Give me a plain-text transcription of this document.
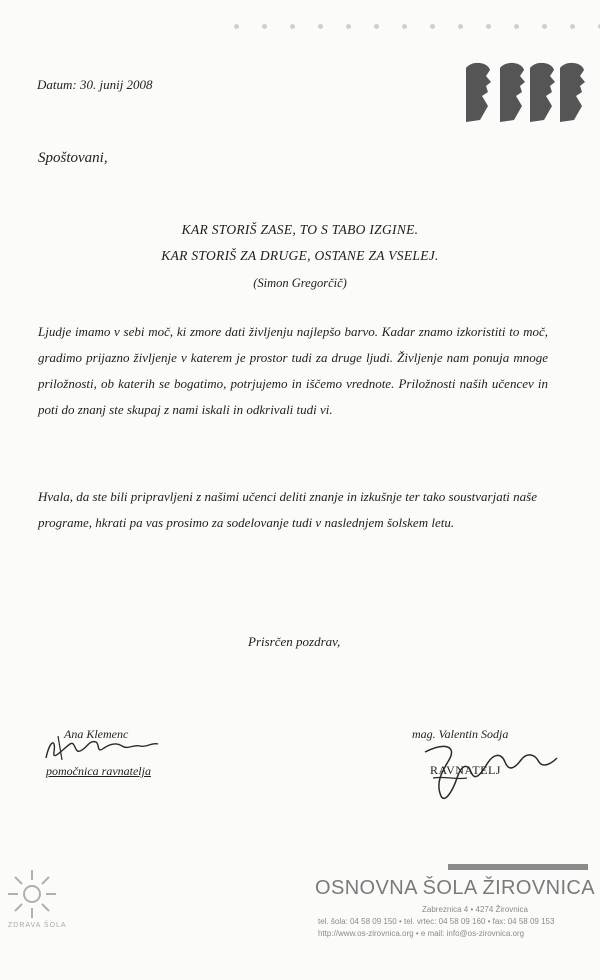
Datum: 30. junij 2008
Spoštovani,
KAR STORIŠ ZASE, TO S TABO IZGINE.
KAR STORIŠ ZA DRUGE, OSTANE ZA VSELEJ.
(Simon Gregorčič)
Ljudje imamo v sebi moč, ki zmore dati življenju najlepšo barvo. Kadar znamo izkoristiti to moč, gradimo prijazno življenje v katerem je prostor tudi za druge ljudi. Življenje nam ponuja mnoge priložnosti, ob katerih se bogatimo, potrjujemo in iščemo vrednote. Priložnosti naših učencev in poti do znanj ste skupaj z nami iskali in odkrivali tudi vi.
Hvala, da ste bili pripravljeni z našimi učenci deliti znanje in izkušnje ter tako soustvarjati naše programe, hkrati pa vas prosimo za sodelovanje tudi v naslednjem šolskem letu.
Prisrčen pozdrav,
Ana Klemenc
pomočnica ravnatelja
mag. Valentin Sodja
RAVNATELJ
OSNOVNA ŠOLA ŽIROVNICA
Zabreznica 4 • 4274 Žirovnica
tel. šola: 04 58 09 150 • tel. vrtec: 04 58 09 160 • fax: 04 58 09 153
http://www.os-zirovnica.org • e mail: info@os-zirovnica.org
ZDRAVA ŠOLA
